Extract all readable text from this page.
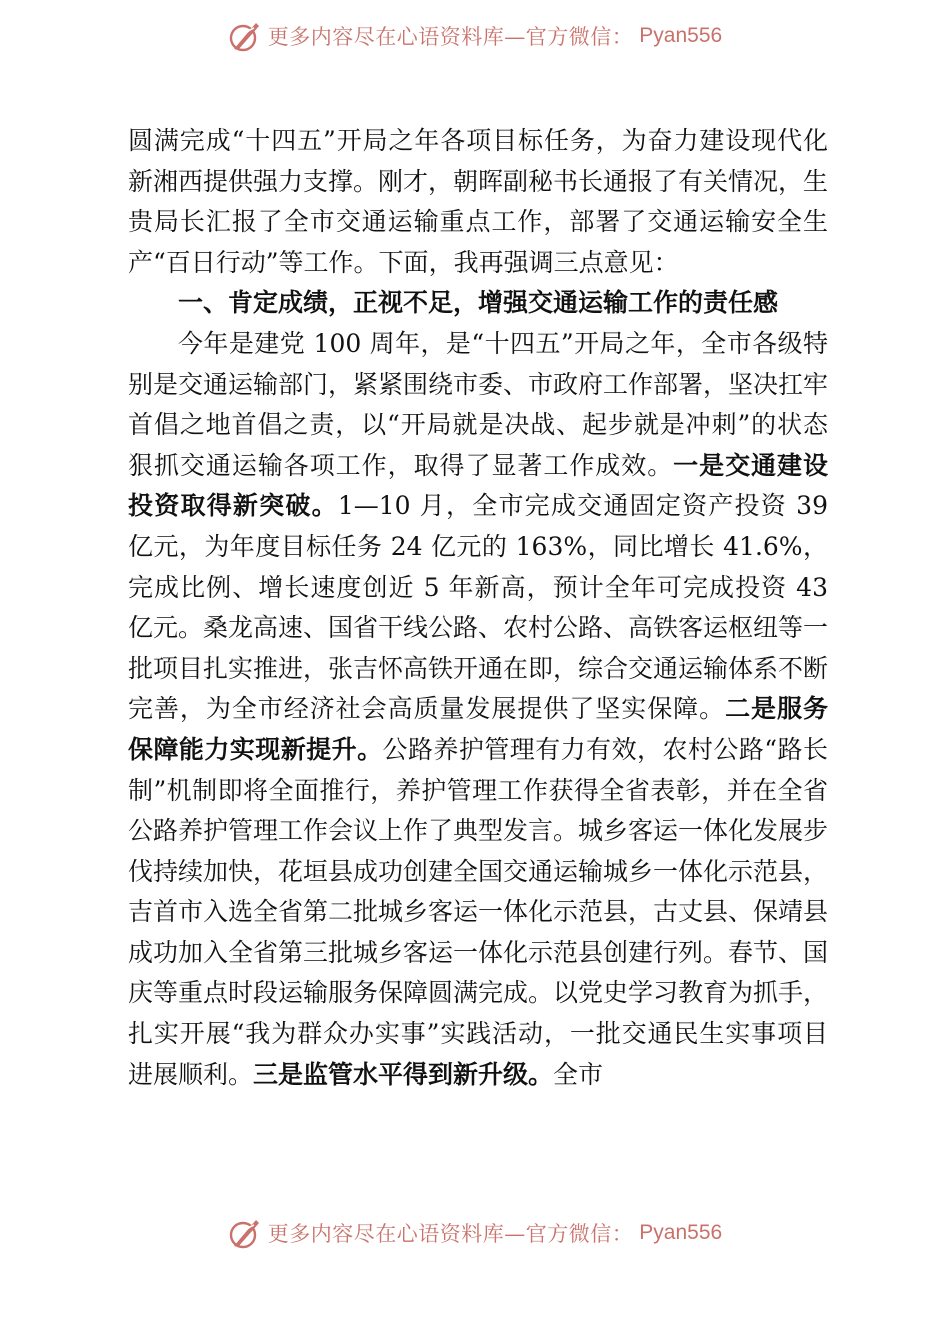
更多内容尽在心语资料库—官方微信： Pyan556

圆满完成“十四五”开局之年各项目标任务，为奋力建设现代化新湘西提供强力支撑。刚才，朝晖副秘书长通报了有关情况，生贵局长汇报了全市交通运输重点工作，部署了交通运输安全生产“百日行动”等工作。下面，我再强调三点意见：

一、肯定成绩，正视不足，增强交通运输工作的责任感

今年是建党 100 周年，是“十四五”开局之年，全市各级特别是交通运输部门，紧紧围绕市委、市政府工作部署，坚决扛牢首倡之地首倡之责，以“开局就是决战、起步就是冲刺”的状态狠抓交通运输各项工作，取得了显著工作成效。一是交通建设投资取得新突破。1—10 月，全市完成交通固定资产投资 39 亿元，为年度目标任务 24 亿元的 163%，同比增长 41.6%， 完成比例、增长速度创近 5 年新高，预计全年可完成投资 43 亿元。桑龙高速、国省干线公路、农村公路、高铁客运枢纽等一批项目扎实推进，张吉怀高铁开通在即，综合交通运输体系不断完善，为全市经济社会高质量发展提供了坚实保障。二是服务保障能力实现新提升。公路养护管理有力有效，农村公路“路长制”机制即将全面推行，养护管理工作获得全省表彰，并在全省公路养护管理工作会议上作了典型发言。城乡客运一体化发展步伐持续加快，花垣县成功创建全国交通运输城乡一体化示范县，吉首市入选全省第二批城乡客运一体化示范县，古丈县、保靖县成功加入全省第三批城乡客运一体化示范县创建行列。春节、国庆等重点时段运输服务保障圆满完成。以党史学习教育为抓手，扎实开展“我为群众办实事”实践活动，一批交通民生实事项目进展顺利。三是监管水平得到新升级。全市

更多内容尽在心语资料库—官方微信： Pyan556
